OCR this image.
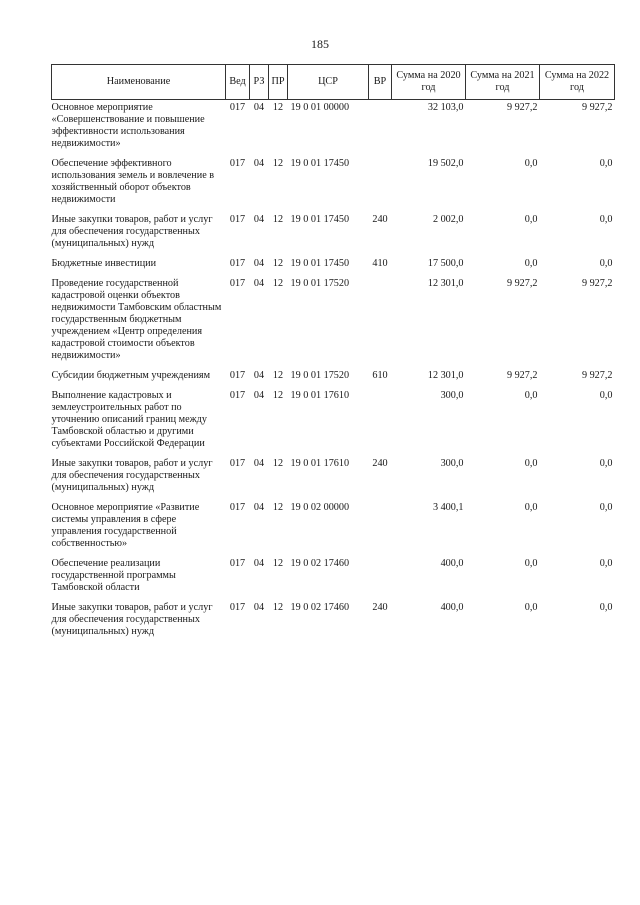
185
Наименование	Вед	РЗ	ПР	ЦСР	ВР	Сумма на 2020 год	Сумма на 2021 год	Сумма на 2022 год
Основное мероприятие «Совершенствование и повышение эффективности использования недвижимости»	017	04	12	19 0 01 00000		32 103,0	9 927,2	9 927,2
Обеспечение эффективного использования земель и вовлечение в хозяйственный оборот объектов недвижимости	017	04	12	19 0 01 17450		19 502,0	0,0	0,0
Иные закупки товаров, работ и услуг для обеспечения государственных (муниципальных) нужд	017	04	12	19 0 01 17450	240	2 002,0	0,0	0,0
Бюджетные инвестиции	017	04	12	19 0 01 17450	410	17 500,0	0,0	0,0
Проведение государственной кадастровой оценки объектов недвижимости Тамбовским областным государственным бюджетным учреждением «Центр определения кадастровой стоимости объектов недвижимости»	017	04	12	19 0 01 17520		12 301,0	9 927,2	9 927,2
Субсидии бюджетным учреждениям	017	04	12	19 0 01 17520	610	12 301,0	9 927,2	9 927,2
Выполнение кадастровых и землеустроительных работ по уточнению описаний границ между Тамбовской областью и другими субъектами Российской Федерации	017	04	12	19 0 01 17610		300,0	0,0	0,0
Иные закупки товаров, работ и услуг для обеспечения государственных (муниципальных) нужд	017	04	12	19 0 01 17610	240	300,0	0,0	0,0
Основное мероприятие «Развитие системы управления в сфере управления государственной собственностью»	017	04	12	19 0 02 00000		3 400,1	0,0	0,0
Обеспечение реализации государственной программы Тамбовской области	017	04	12	19 0 02 17460		400,0	0,0	0,0
Иные закупки товаров, работ и услуг для обеспечения государственных (муниципальных) нужд	017	04	12	19 0 02 17460	240	400,0	0,0	0,0
